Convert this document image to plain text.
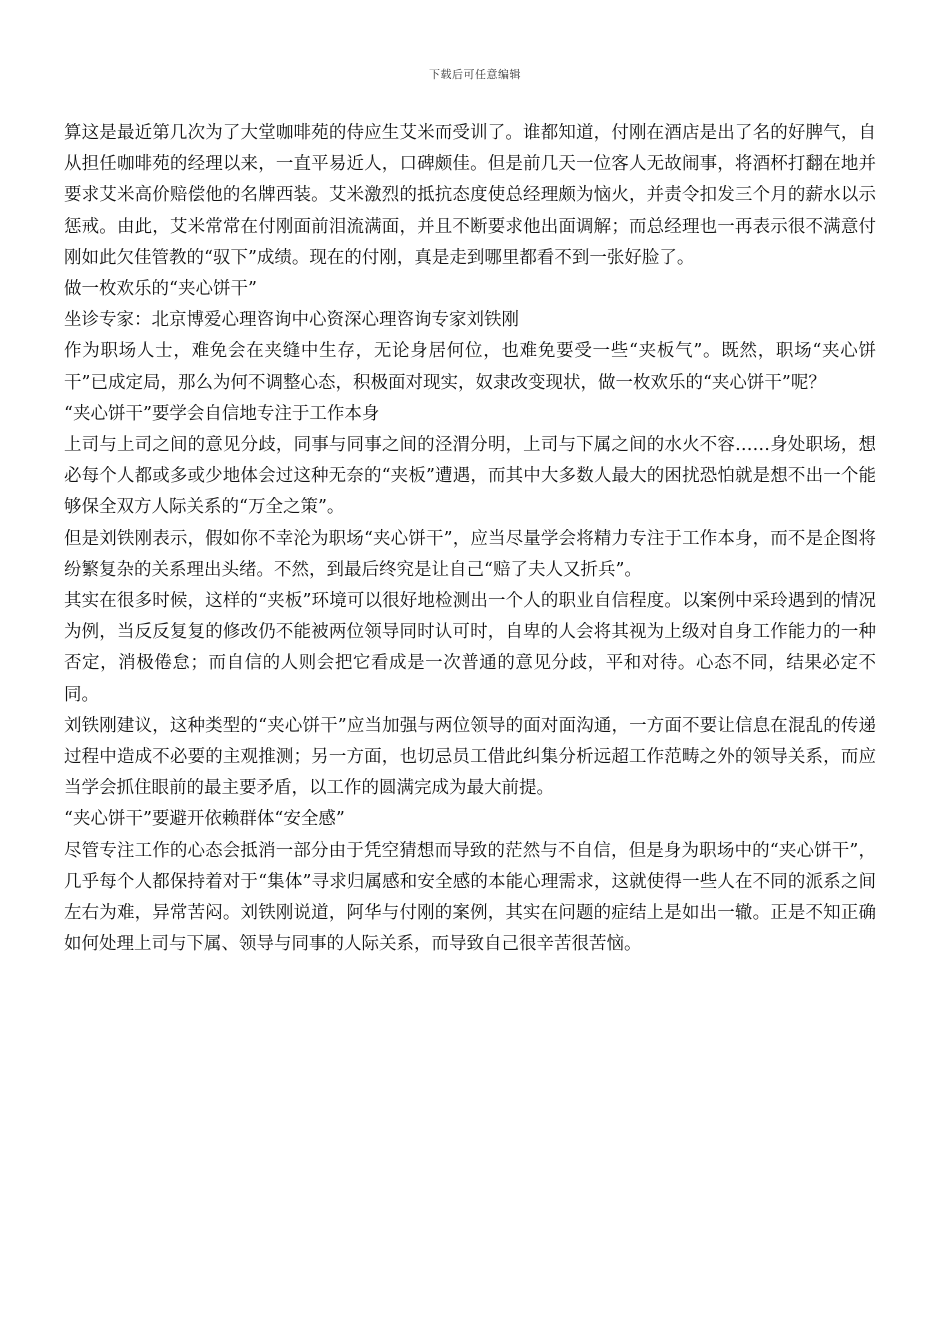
下载后可任意编辑

算这是最近第几次为了大堂咖啡苑的侍应生艾米而受训了。谁都知道，付刚在酒店是出了名的好脾气，自从担任咖啡苑的经理以来，一直平易近人，口碑颇佳。但是前几天一位客人无故闹事，将酒杯打翻在地并要求艾米高价赔偿他的名牌西装。艾米激烈的抵抗态度使总经理颇为恼火，并责令扣发三个月的薪水以示惩戒。由此，艾米常常在付刚面前泪流满面，并且不断要求他出面调解；而总经理也一再表示很不满意付刚如此欠佳管教的“驭下”成绩。现在的付刚，真是走到哪里都看不到一张好脸了。

做一枚欢乐的“夹心饼干”

坐诊专家：北京博爱心理咨询中心资深心理咨询专家刘铁刚

作为职场人士，难免会在夹缝中生存，无论身居何位，也难免要受一些“夹板气”。既然，职场“夹心饼干”已成定局，那么为何不调整心态，积极面对现实，奴隶改变现状，做一枚欢乐的“夹心饼干”呢？

“夹心饼干”要学会自信地专注于工作本身

上司与上司之间的意见分歧，同事与同事之间的泾渭分明，上司与下属之间的水火不容……身处职场，想必每个人都或多或少地体会过这种无奈的“夹板”遭遇，而其中大多数人最大的困扰恐怕就是想不出一个能够保全双方人际关系的“万全之策”。

但是刘铁刚表示，假如你不幸沦为职场“夹心饼干”，应当尽量学会将精力专注于工作本身，而不是企图将纷繁复杂的关系理出头绪。不然，到最后终究是让自己“赔了夫人又折兵”。

其实在很多时候，这样的“夹板”环境可以很好地检测出一个人的职业自信程度。以案例中采玲遇到的情况为例，当反反复复的修改仍不能被两位领导同时认可时，自卑的人会将其视为上级对自身工作能力的一种否定，消极倦怠；而自信的人则会把它看成是一次普通的意见分歧，平和对待。心态不同，结果必定不同。

刘铁刚建议，这种类型的“夹心饼干”应当加强与两位领导的面对面沟通，一方面不要让信息在混乱的传递过程中造成不必要的主观推测；另一方面，也切忌员工借此纠集分析远超工作范畴之外的领导关系，而应当学会抓住眼前的最主要矛盾，以工作的圆满完成为最大前提。

“夹心饼干”要避开依赖群体“安全感”

尽管专注工作的心态会抵消一部分由于凭空猜想而导致的茫然与不自信，但是身为职场中的“夹心饼干”，几乎每个人都保持着对于“集体”寻求归属感和安全感的本能心理需求，这就使得一些人在不同的派系之间左右为难，异常苦闷。刘铁刚说道，阿华与付刚的案例，其实在问题的症结上是如出一辙。正是不知正确如何处理上司与下属、领导与同事的人际关系，而导致自己很辛苦很苦恼。
